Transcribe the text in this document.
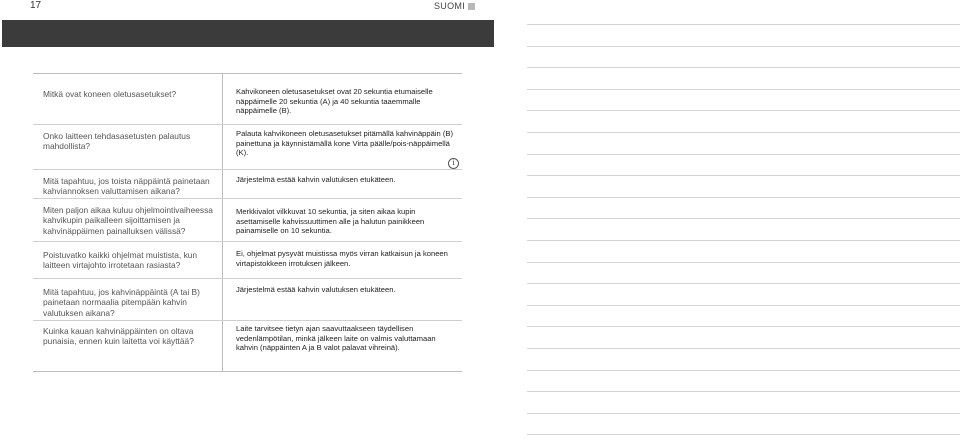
17	SUOMI
Mitkä ovat koneen oletusasetukset?	Kahvikoneen oletusasetukset ovat 20 sekuntia etumaiselle näppäimelle 20 sekuntia (A) ja 40 sekuntia taaemmalle näppäimelle (B).
Onko laitteen tehdasasetusten palautus mahdollista?
Palauta kahvikoneen oletusasetukset pitämällä kahvinäppäin (B) painettuna ja käynnistämällä kone Virta päälle/pois-näppäimellä (K).
i
Mitä tapahtuu, jos toista näppäintä painetaan kahviannoksen valuttamisen aikana?
Järjestelmä estää kahvin valutuksen etukäteen.
Miten paljon aikaa kuluu ohjelmointivaiheessa kahvikupin paikalleen sijoittamisen ja kahvinäppäimen painalluksen välissä?
Merkkivalot vilkkuvat 10 sekuntia, ja siten aikaa kupin asettamiselle kahvissuuttimen alle ja halutun painikkeen painamiselle on 10 sekuntia.
Poistuvatko kaikki ohjelmat muistista, kun laitteen virtajohto irrotetaan rasiasta?
Ei, ohjelmat pysyvät muistissa myös virran katkaisun ja koneen virtapistokkeen irrotuksen jälkeen.
Mitä tapahtuu, jos kahvinäppäintä (A tai B) painetaan normaalia pitempään kahvin valutuksen aikana?
Järjestelmä estää kahvin valutuksen etukäteen.
Kuinka kauan kahvinäppäinten on oltava punaisia, ennen kuin laitetta voi käyttää?
Laite tarvitsee tietyn ajan saavuttaakseen täydellisen vedenlämpötilan, minkä jälkeen laite on valmis valuttamaan kahvin (näppäinten A ja B valot palavat vihreinä).
